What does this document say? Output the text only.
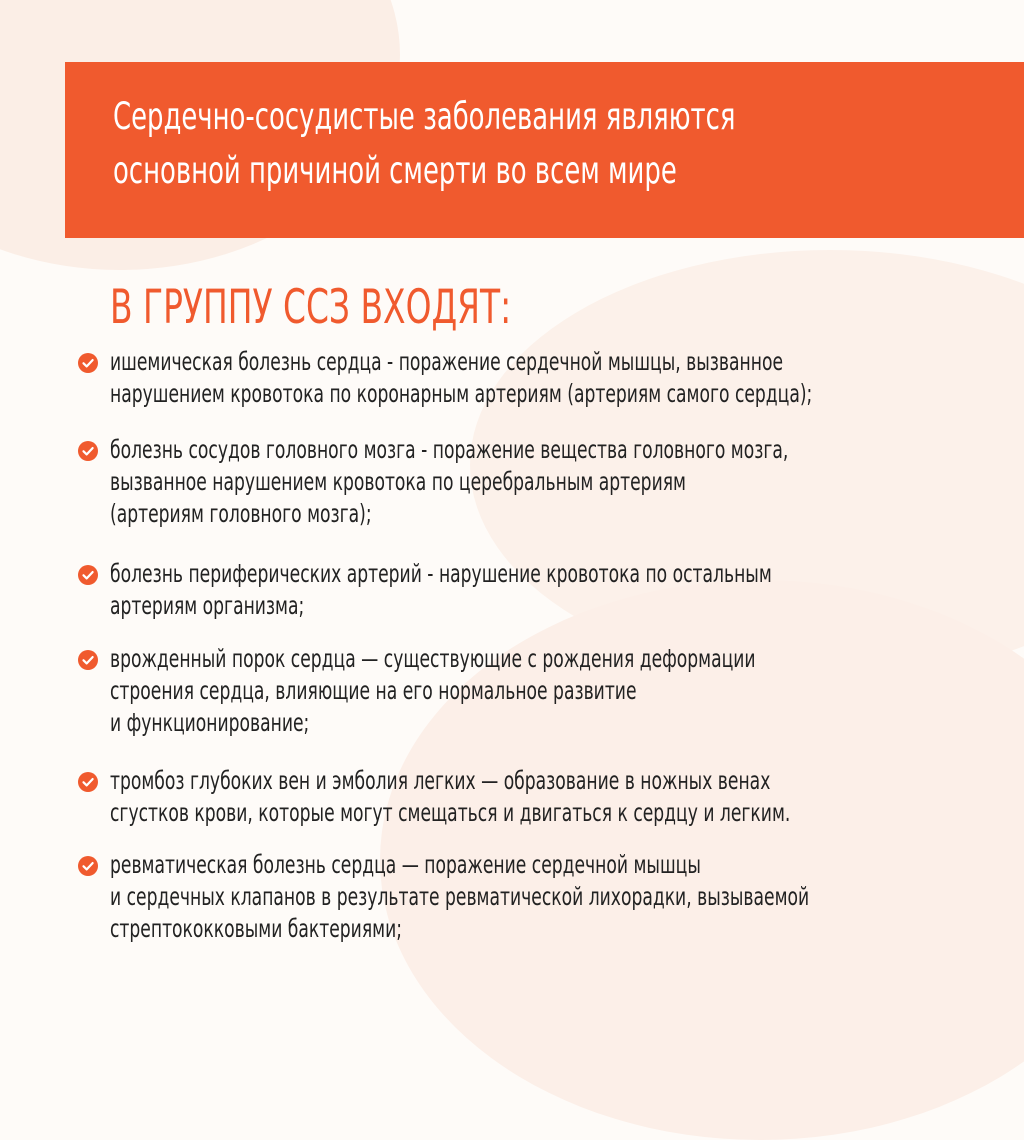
Сердечно-сосудистые заболевания являются
основной причиной смерти во всем мире
В ГРУППУ ССЗ ВХОДЯТ:

ишемическая болезнь сердца - поражение сердечной мышцы, вызванное
нарушением кровотока по коронарным артериям (артериям самого сердца);

болезнь сосудов головного мозга - поражение вещества головного мозга,
вызванное нарушением кровотока по церебральным артериям
(артериям головного мозга);

болезнь периферических артерий - нарушение кровотока по остальным
артериям организма;

врожденный порок сердца — существующие с рождения деформации
строения сердца, влияющие на его нормальное развитие
и функционирование;

тромбоз глубоких вен и эмболия легких — образование в ножных венах
сгустков крови, которые могут смещаться и двигаться к сердцу и легким.

ревматическая болезнь сердца — поражение сердечной мышцы
и сердечных клапанов в результате ревматической лихорадки, вызываемой
стрептококковыми бактериями;
